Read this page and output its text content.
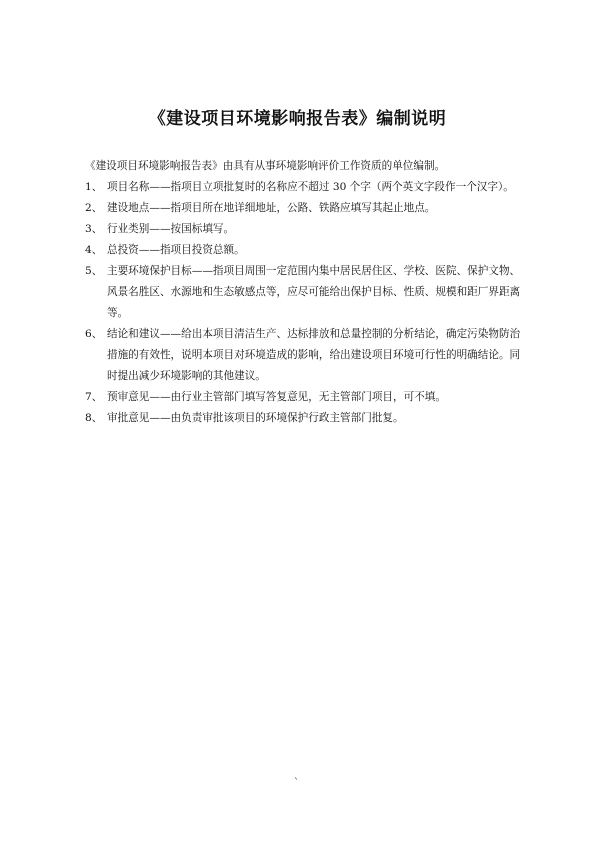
《建设项目环境影响报告表》编制说明
《建设项目环境影响报告表》由具有从事环境影响评价工作资质的单位编制。
1、 项目名称——指项目立项批复时的名称应不超过 30 个字（两个英文字段作一个汉字）。
2、 建设地点——指项目所在地详细地址，公路、铁路应填写其起止地点。
3、 行业类别——按国标填写。
4、 总投资——指项目投资总额。
5、 主要环境保护目标——指项目周围一定范围内集中居民居住区、学校、医院、保护文物、风景名胜区、水源地和生态敏感点等，应尽可能给出保护目标、性质、规模和距厂界距离等。
6、 结论和建议——给出本项目清洁生产、达标排放和总量控制的分析结论，确定污染物防治措施的有效性，说明本项目对环境造成的影响，给出建设项目环境可行性的明确结论。同时提出减少环境影响的其他建议。
7、 预审意见——由行业主管部门填写答复意见，无主管部门项目，可不填。
8、 审批意见——由负责审批该项目的环境保护行政主管部门批复。
`
